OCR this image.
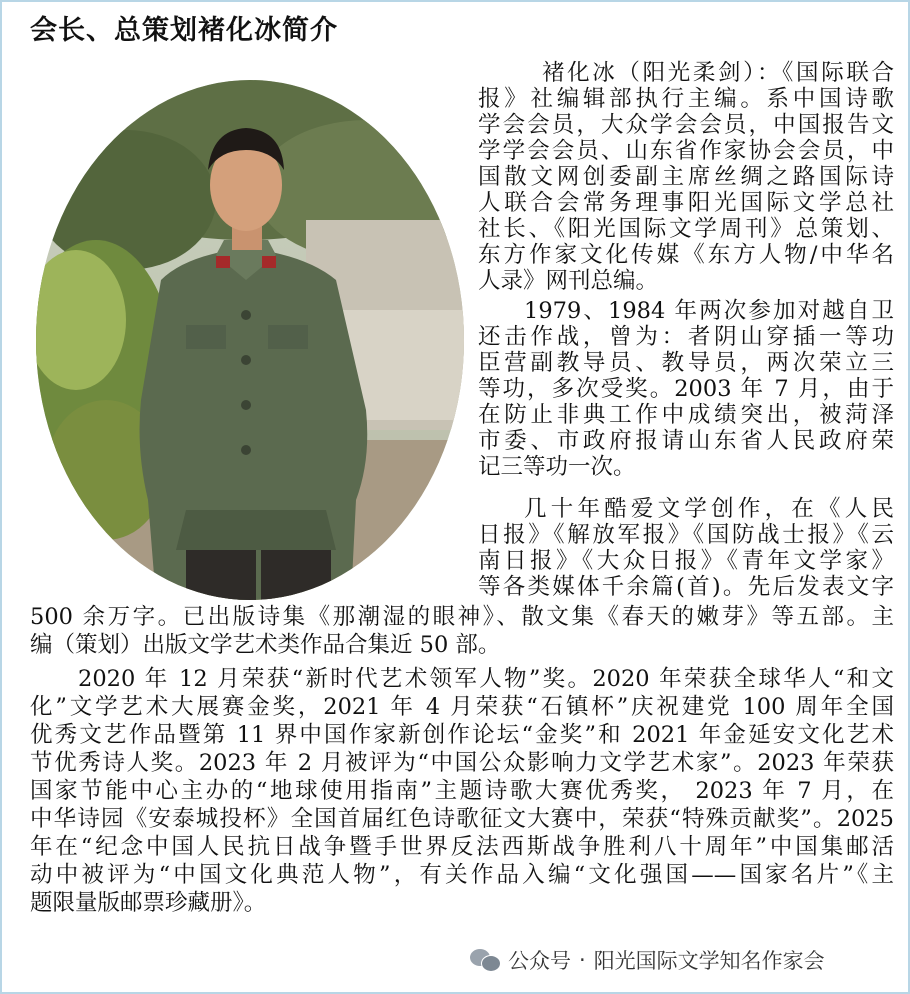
会长、总策划褚化冰简介
褚化冰（阳光柔剑）：《国际联合
报》社编辑部执行主编。系中国诗歌
学会会员，大众学会会员，中国报告文
学学会会员、山东省作家协会会员，中
国散文网创委副主席丝绸之路国际诗
人联合会常务理事阳光国际文学总社
社长、《阳光国际文学周刊》总策划、
东方作家文化传媒《东方人物/中华名
人录》网刊总编。
1979、1984 年两次参加对越自卫
还击作战，曾为：者阴山穿插一等功
臣营副教导员、教导员，两次荣立三
等功，多次受奖。2003 年 7 月，由于
在防止非典工作中成绩突出，被菏泽
市委、市政府报请山东省人民政府荣
记三等功一次。
几十年酷爱文学创作，在《人民
日报》《解放军报》《国防战士报》《云
南日报》《大众日报》《青年文学家》
等各类媒体千余篇(首)。先后发表文字
500 余万字。已出版诗集《那潮湿的眼神》、散文集《春天的嫩芽》等五部。主
编（策划）出版文学艺术类作品合集近 50 部。
2020 年 12 月荣获“新时代艺术领军人物”奖。2020 年荣获全球华人“和文
化”文学艺术大展赛金奖，2021 年 4 月荣获“石镇杯”庆祝建党 100 周年全国
优秀文艺作品暨第 11 界中国作家新创作论坛“金奖”和 2021 年金延安文化艺术
节优秀诗人奖。2023 年 2 月被评为“中国公众影响力文学艺术家”。2023 年荣获
国家节能中心主办的“地球使用指南”主题诗歌大赛优秀奖， 2023 年 7 月，在
中华诗园《安泰城投杯》全国首届红色诗歌征文大赛中，荣获“特殊贡献奖”。2025
年在“纪念中国人民抗日战争暨手世界反法西斯战争胜利八十周年”中国集邮活
动中被评为“中国文化典范人物”，有关作品入编“文化强国——国家名片”《主
题限量版邮票珍藏册》。
公众号 · 阳光国际文学知名作家会
